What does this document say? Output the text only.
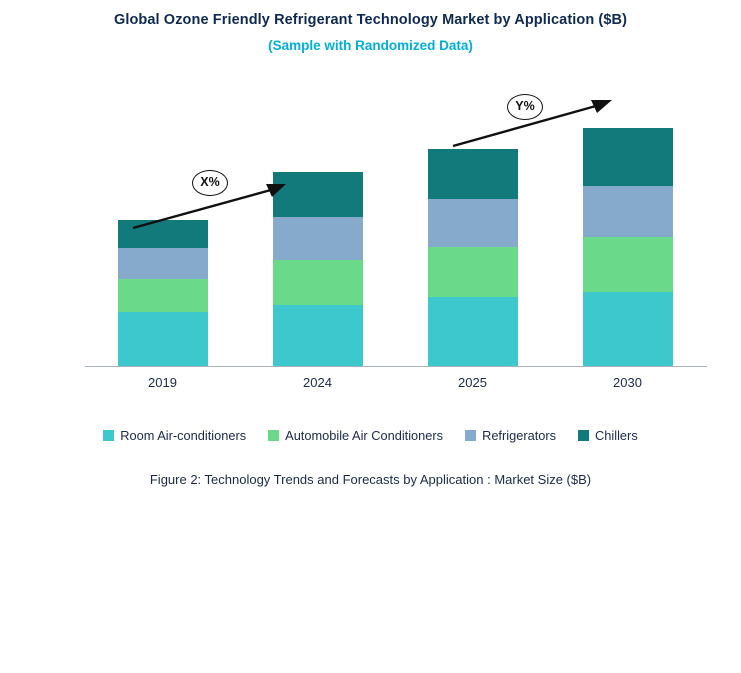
Global Ozone Friendly Refrigerant Technology Market by Application ($B)
(Sample with Randomized Data)
2019	2024	2025	2030
X%
Y%
Room Air-conditioners	Automobile Air Conditioners	Refrigerators	Chillers
Figure 2: Technology Trends and Forecasts by Application : Market Size ($B)
